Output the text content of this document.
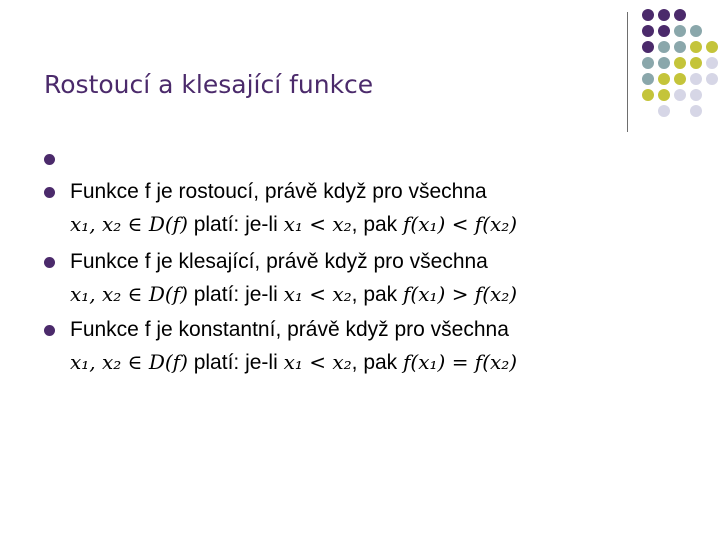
Rostoucí a klesající funkce
Funkce f je rostoucí, právě když pro všechna
x₁, x₂ ∈ D(f) platí: je-li x₁ < x₂, pak f(x₁) < f(x₂)
Funkce f je klesající, právě když pro všechna
x₁, x₂ ∈ D(f) platí: je-li x₁ < x₂, pak f(x₁) > f(x₂)
Funkce f je konstantní, právě když pro všechna
x₁, x₂ ∈ D(f) platí: je-li x₁ < x₂, pak f(x₁) = f(x₂)
